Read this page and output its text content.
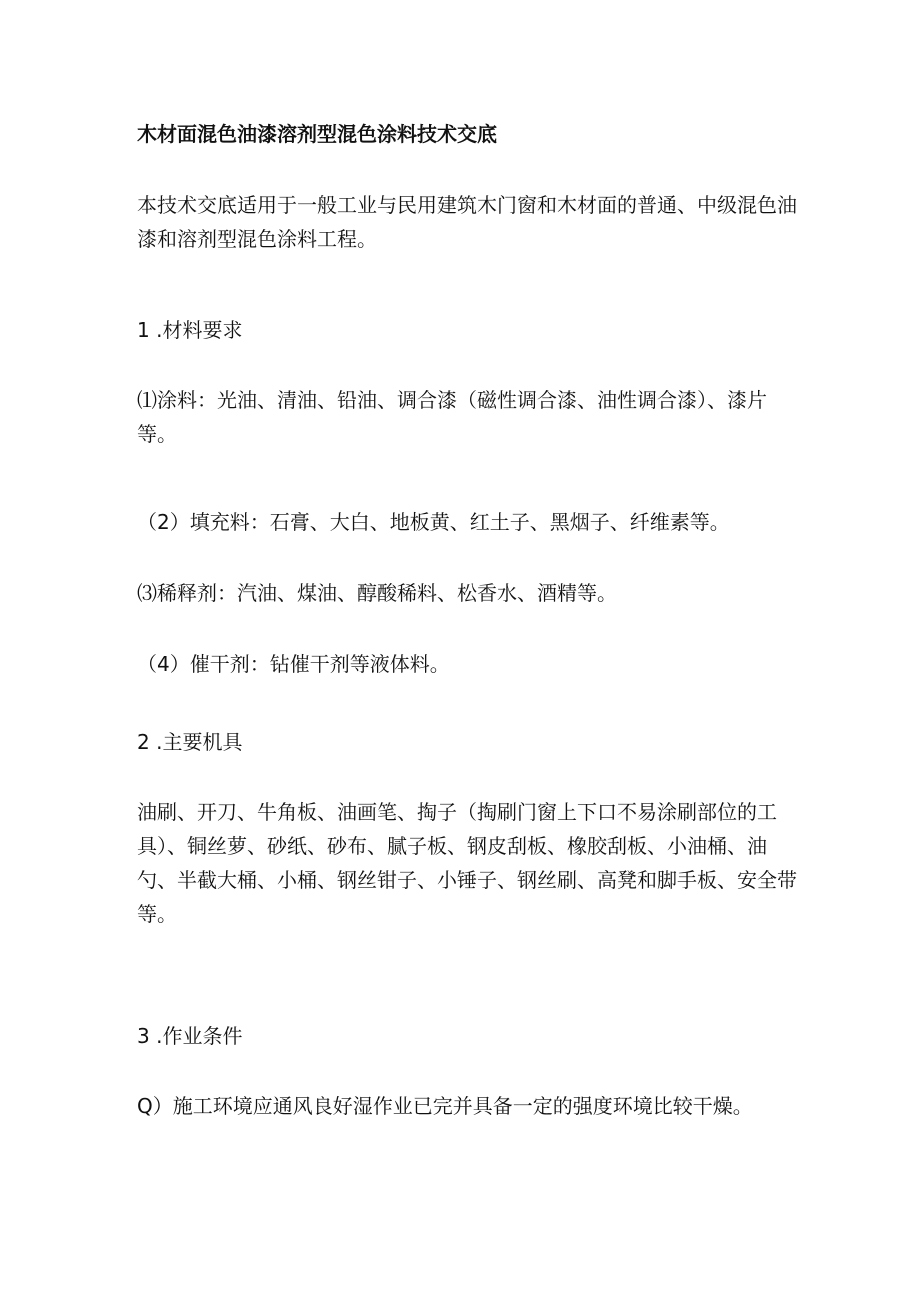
木材面混色油漆溶剂型混色涂料技术交底
本技术交底适用于一般工业与民用建筑木门窗和木材面的普通、中级混色油漆和溶剂型混色涂料工程。
1 .材料要求
⑴涂料：光油、清油、铅油、调合漆（磁性调合漆、油性调合漆）、漆片等。
（2）填充料：石膏、大白、地板黄、红土子、黑烟子、纤维素等。
⑶稀释剂：汽油、煤油、醇酸稀料、松香水、酒精等。
（4）催干剂：钻催干剂等液体料。
2 .主要机具
油刷、开刀、牛角板、油画笔、掏子（掏刷门窗上下口不易涂刷部位的工具）、铜丝萝、砂纸、砂布、腻子板、钢皮刮板、橡胶刮板、小油桶、油勺、半截大桶、小桶、钢丝钳子、小锤子、钢丝刷、高凳和脚手板、安全带等。
3 .作业条件
Q）施工环境应通风良好湿作业已完并具备一定的强度环境比较干燥。
